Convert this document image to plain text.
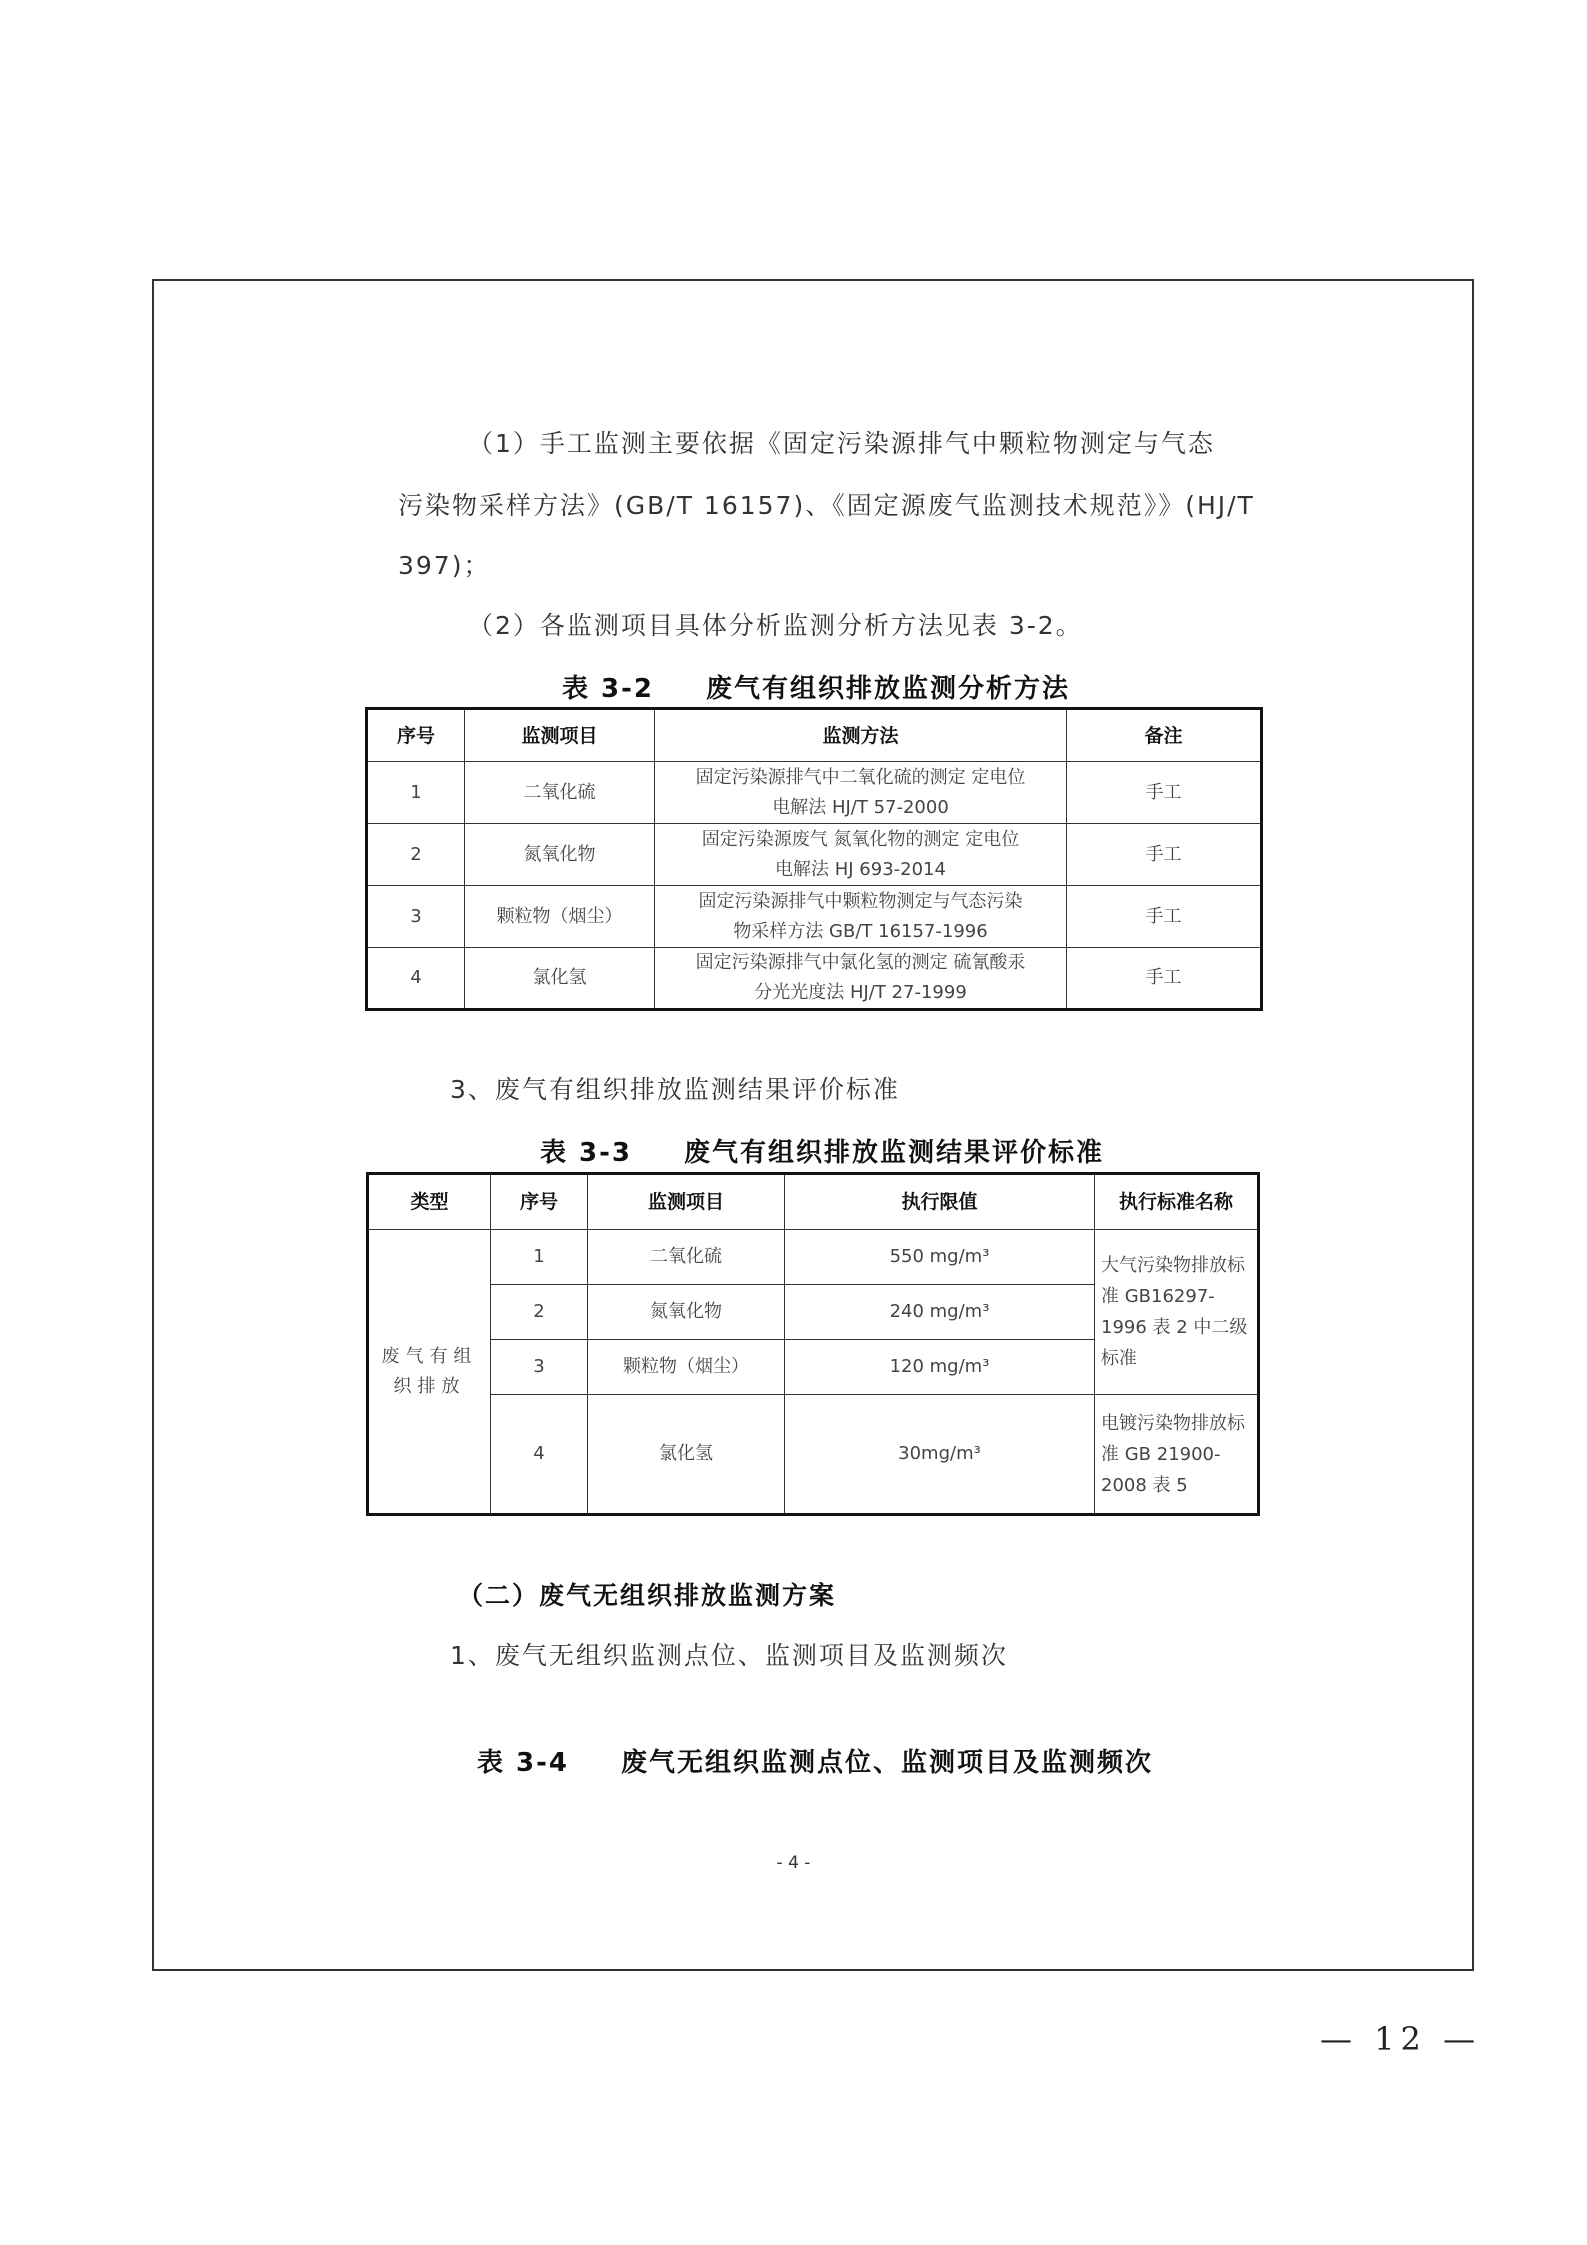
（1）手工监测主要依据《固定污染源排气中颗粒物测定与气态
污染物采样方法》(GB/T 16157)、《固定源废气监测技术规范》》(HJ/T
397)；
（2）各监测项目具体分析监测分析方法见表 3-2。
表 3-2 废气有组织排放监测分析方法
序号	监测项目	监测方法	备注
1	二氧化硫	固定污染源排气中二氧化硫的测定 定电位
电解法 HJ/T 57-2000	手工
2	氮氧化物	固定污染源废气 氮氧化物的测定 定电位
电解法 HJ 693-2014	手工
3	颗粒物（烟尘）	固定污染源排气中颗粒物测定与气态污染
物采样方法 GB/T 16157-1996	手工
4	氯化氢	固定污染源排气中氯化氢的测定 硫氰酸汞
分光光度法 HJ/T 27-1999	手工
3、废气有组织排放监测结果评价标准
表 3-3 废气有组织排放监测结果评价标准
类型	序号	监测项目	执行限值	执行标准名称
废气有组织排放	1	二氧化硫	550 mg/m³	大气污染物排放标准 GB16297-1996 表 2 中二级标准
	2	氮氧化物	240 mg/m³	
	3	颗粒物（烟尘）	120 mg/m³	
	4	氯化氢	30mg/m³	电镀污染物排放标准 GB 21900-2008 表 5
（二）废气无组织排放监测方案
1、废气无组织监测点位、监测项目及监测频次
表 3-4 废气无组织监测点位、监测项目及监测频次
- 4 -
— 12 —
